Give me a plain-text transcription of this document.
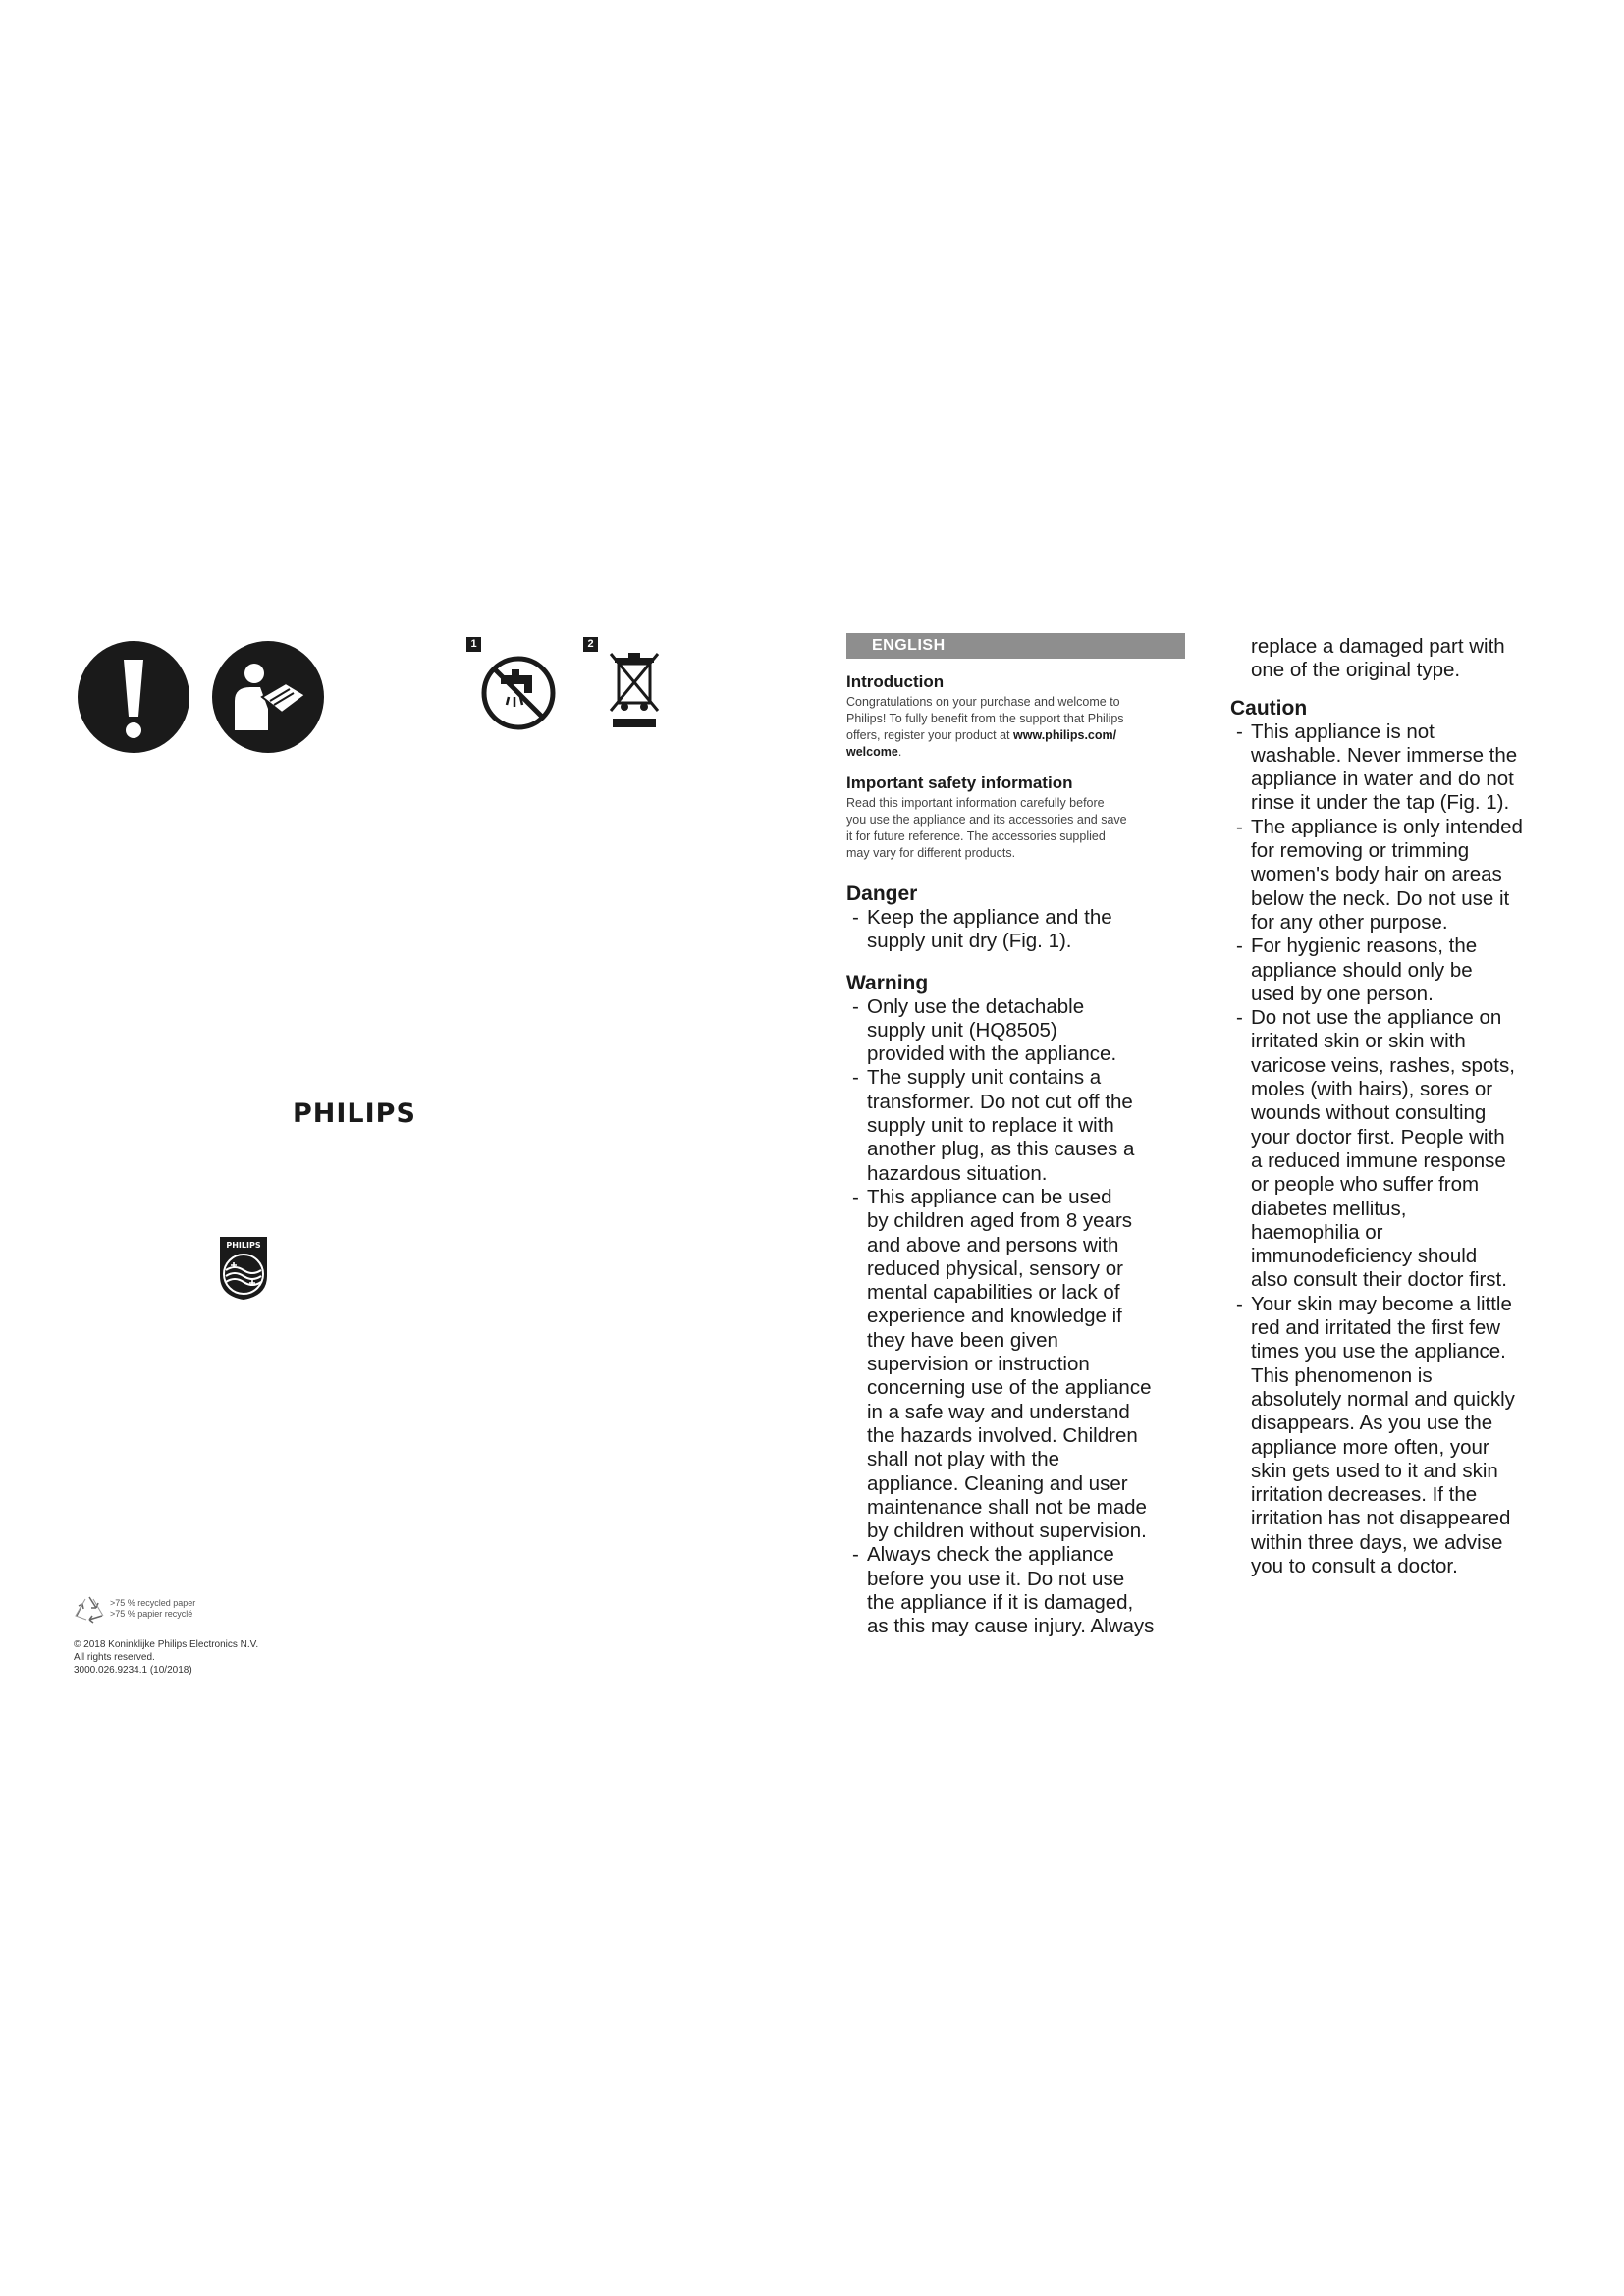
1	2
PHILIPS
PHILIPS
>75 % recycled paper
>75 % papier recyclé
© 2018 Koninklijke Philips Electronics N.V.
All rights reserved.
3000.026.9234.1 (10/2018)
ENGLISH

Introduction

Congratulations on your purchase and welcome to
Philips! To fully benefit from the support that Philips
offers, register your product at www.philips.com/
welcome.

Important safety information

Read this important information carefully before
you use the appliance and its accessories and save
it for future reference. The accessories supplied
may vary for different products.

Danger

- Keep the appliance and the
supply unit dry (Fig. 1).

Warning

- Only use the detachable
supply unit (HQ8505)
provided with the appliance.
- The supply unit contains a
transformer. Do not cut off the
supply unit to replace it with
another plug, as this causes a
hazardous situation.
- This appliance can be used
by children aged from 8 years
and above and persons with
reduced physical, sensory or
mental capabilities or lack of
experience and knowledge if
they have been given
supervision or instruction
concerning use of the appliance
in a safe way and understand
the hazards involved. Children
shall not play with the
appliance. Cleaning and user
maintenance shall not be made
by children without supervision.
- Always check the appliance
before you use it. Do not use
the appliance if it is damaged,
as this may cause injury. Always

replace a damaged part with
one of the original type.

Caution

- This appliance is not
washable. Never immerse the
appliance in water and do not
rinse it under the tap (Fig. 1).
- The appliance is only intended
for removing or trimming
women's body hair on areas
below the neck. Do not use it
for any other purpose.
- For hygienic reasons, the
appliance should only be
used by one person.
- Do not use the appliance on
irritated skin or skin with
varicose veins, rashes, spots,
moles (with hairs), sores or
wounds without consulting
your doctor first. People with
a reduced immune response
or people who suffer from
diabetes mellitus,
haemophilia or
immunodeficiency should
also consult their doctor first.
- Your skin may become a little
red and irritated the first few
times you use the appliance.
This phenomenon is
absolutely normal and quickly
disappears. As you use the
appliance more often, your
skin gets used to it and skin
irritation decreases. If the
irritation has not disappeared
within three days, we advise
you to consult a doctor.
